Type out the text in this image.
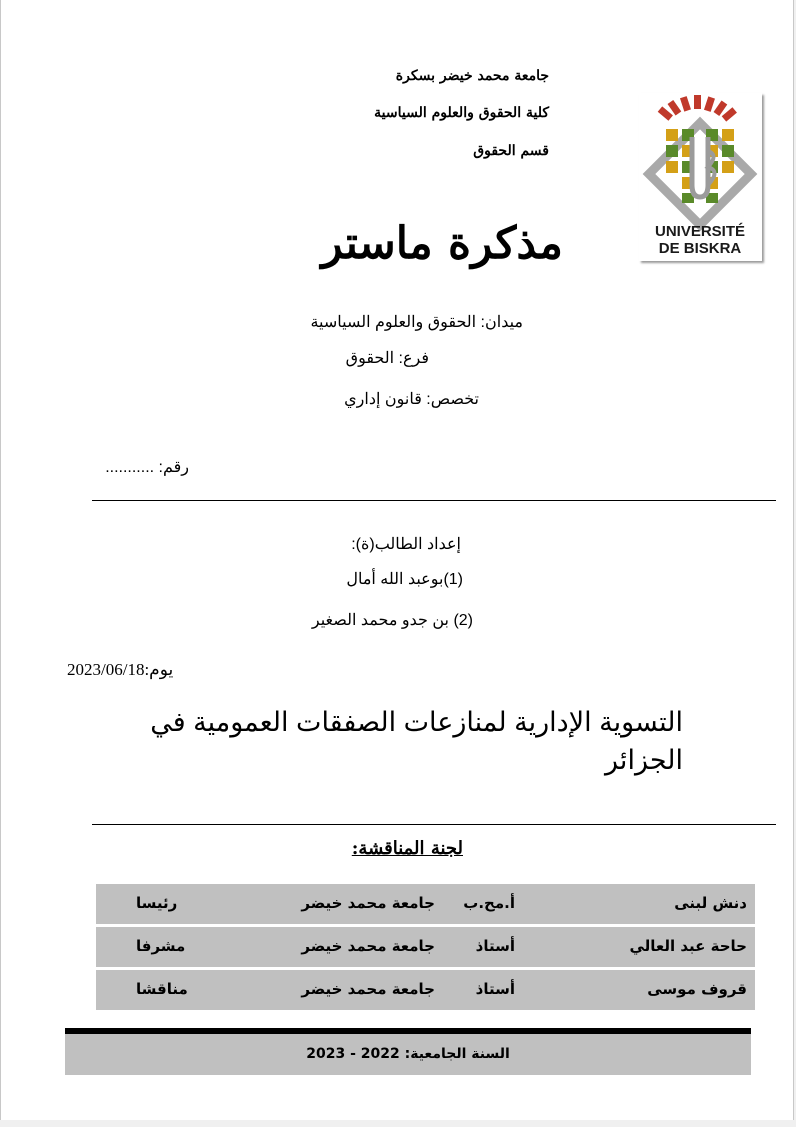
جامعة محمد خيضر بسكرة
كلية الحقوق والعلوم السياسية
قسم الحقوق
UNIVERSITÉ
DE BISKRA
مذكرة ماستر
ميدان: الحقوق والعلوم السياسية
فرع: الحقوق
تخصص: قانون إداري
رقم: ...........
إعداد الطالب(ة):
(1)بوعبد الله أمال
(2) بن جدو محمد الصغير
2023/06/18:يوم
التسوية الإدارية لمنازعات الصفقات العمومية في الجزائر
لجنة المناقشة:
دنش لبنى
أ.مح.ب
جامعة محمد خيضر
رئيسا
حاحة عبد العالي
أستاذ
جامعة محمد خيضر
مشرفا
قروف موسى
أستاذ
جامعة محمد خيضر
مناقشا
السنة الجامعية: 2022 - 2023
